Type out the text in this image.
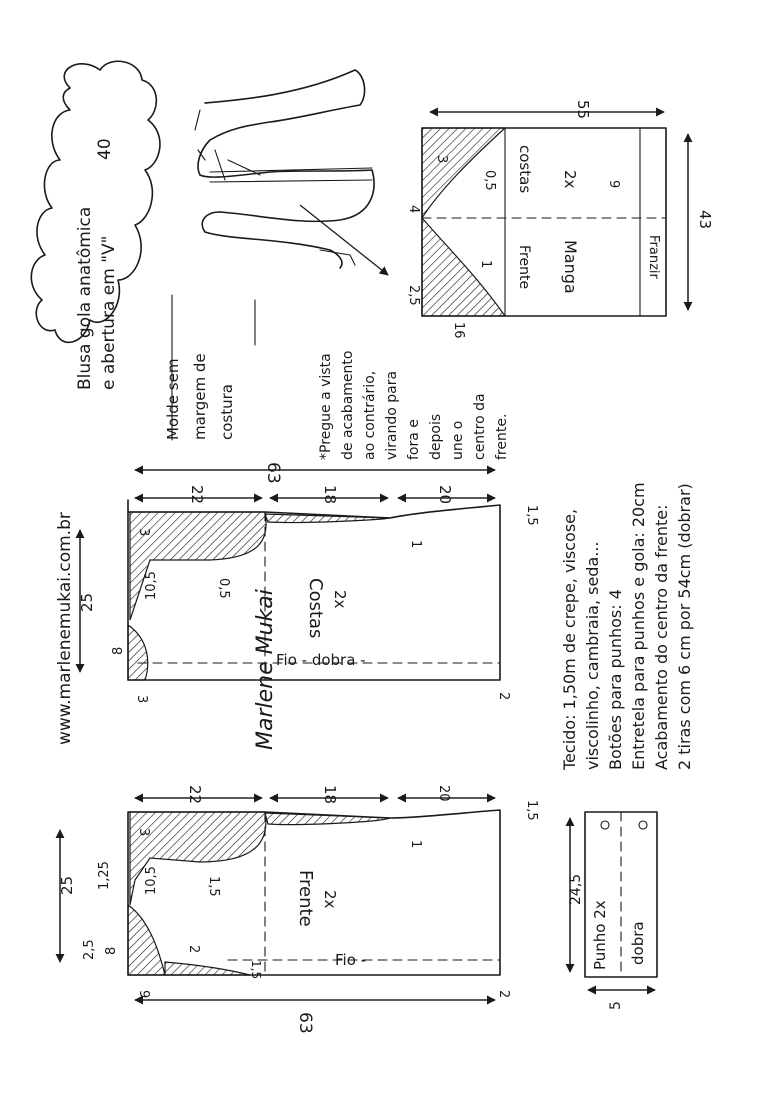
Blusa gola anatômica e abertura em "V"
40
55
43
3
0,5
4
2,5
1
16
9
costas 2x
Manga
Frente	Franzir
Molde sem margem de costura	*Pregue a vista de acabamento ao contrário, virando para fora e depois une o centro da frente.
www.marlenemukai.com.br
63
22	18	20
1,5
25
10,5
8
3
3
0,5
1
2
Costas 2x
Fio - dobra -
Marlene Mukai
63
22	18	20
1,5
25	10,5
8
2,5
1,25
3
1,5
2
1,5
9
1
2
Frente 2x
Fio -
Tecido: 1,50m de crepe, viscose, viscolinho, cambraia, seda... Botões para punhos: 4 Entretela para punhos e gola: 20cm Acabamento do centro da frente: 2 tiras com 6 cm por 54cm (dobrar)
Punho 2x dobra
24,5
5
